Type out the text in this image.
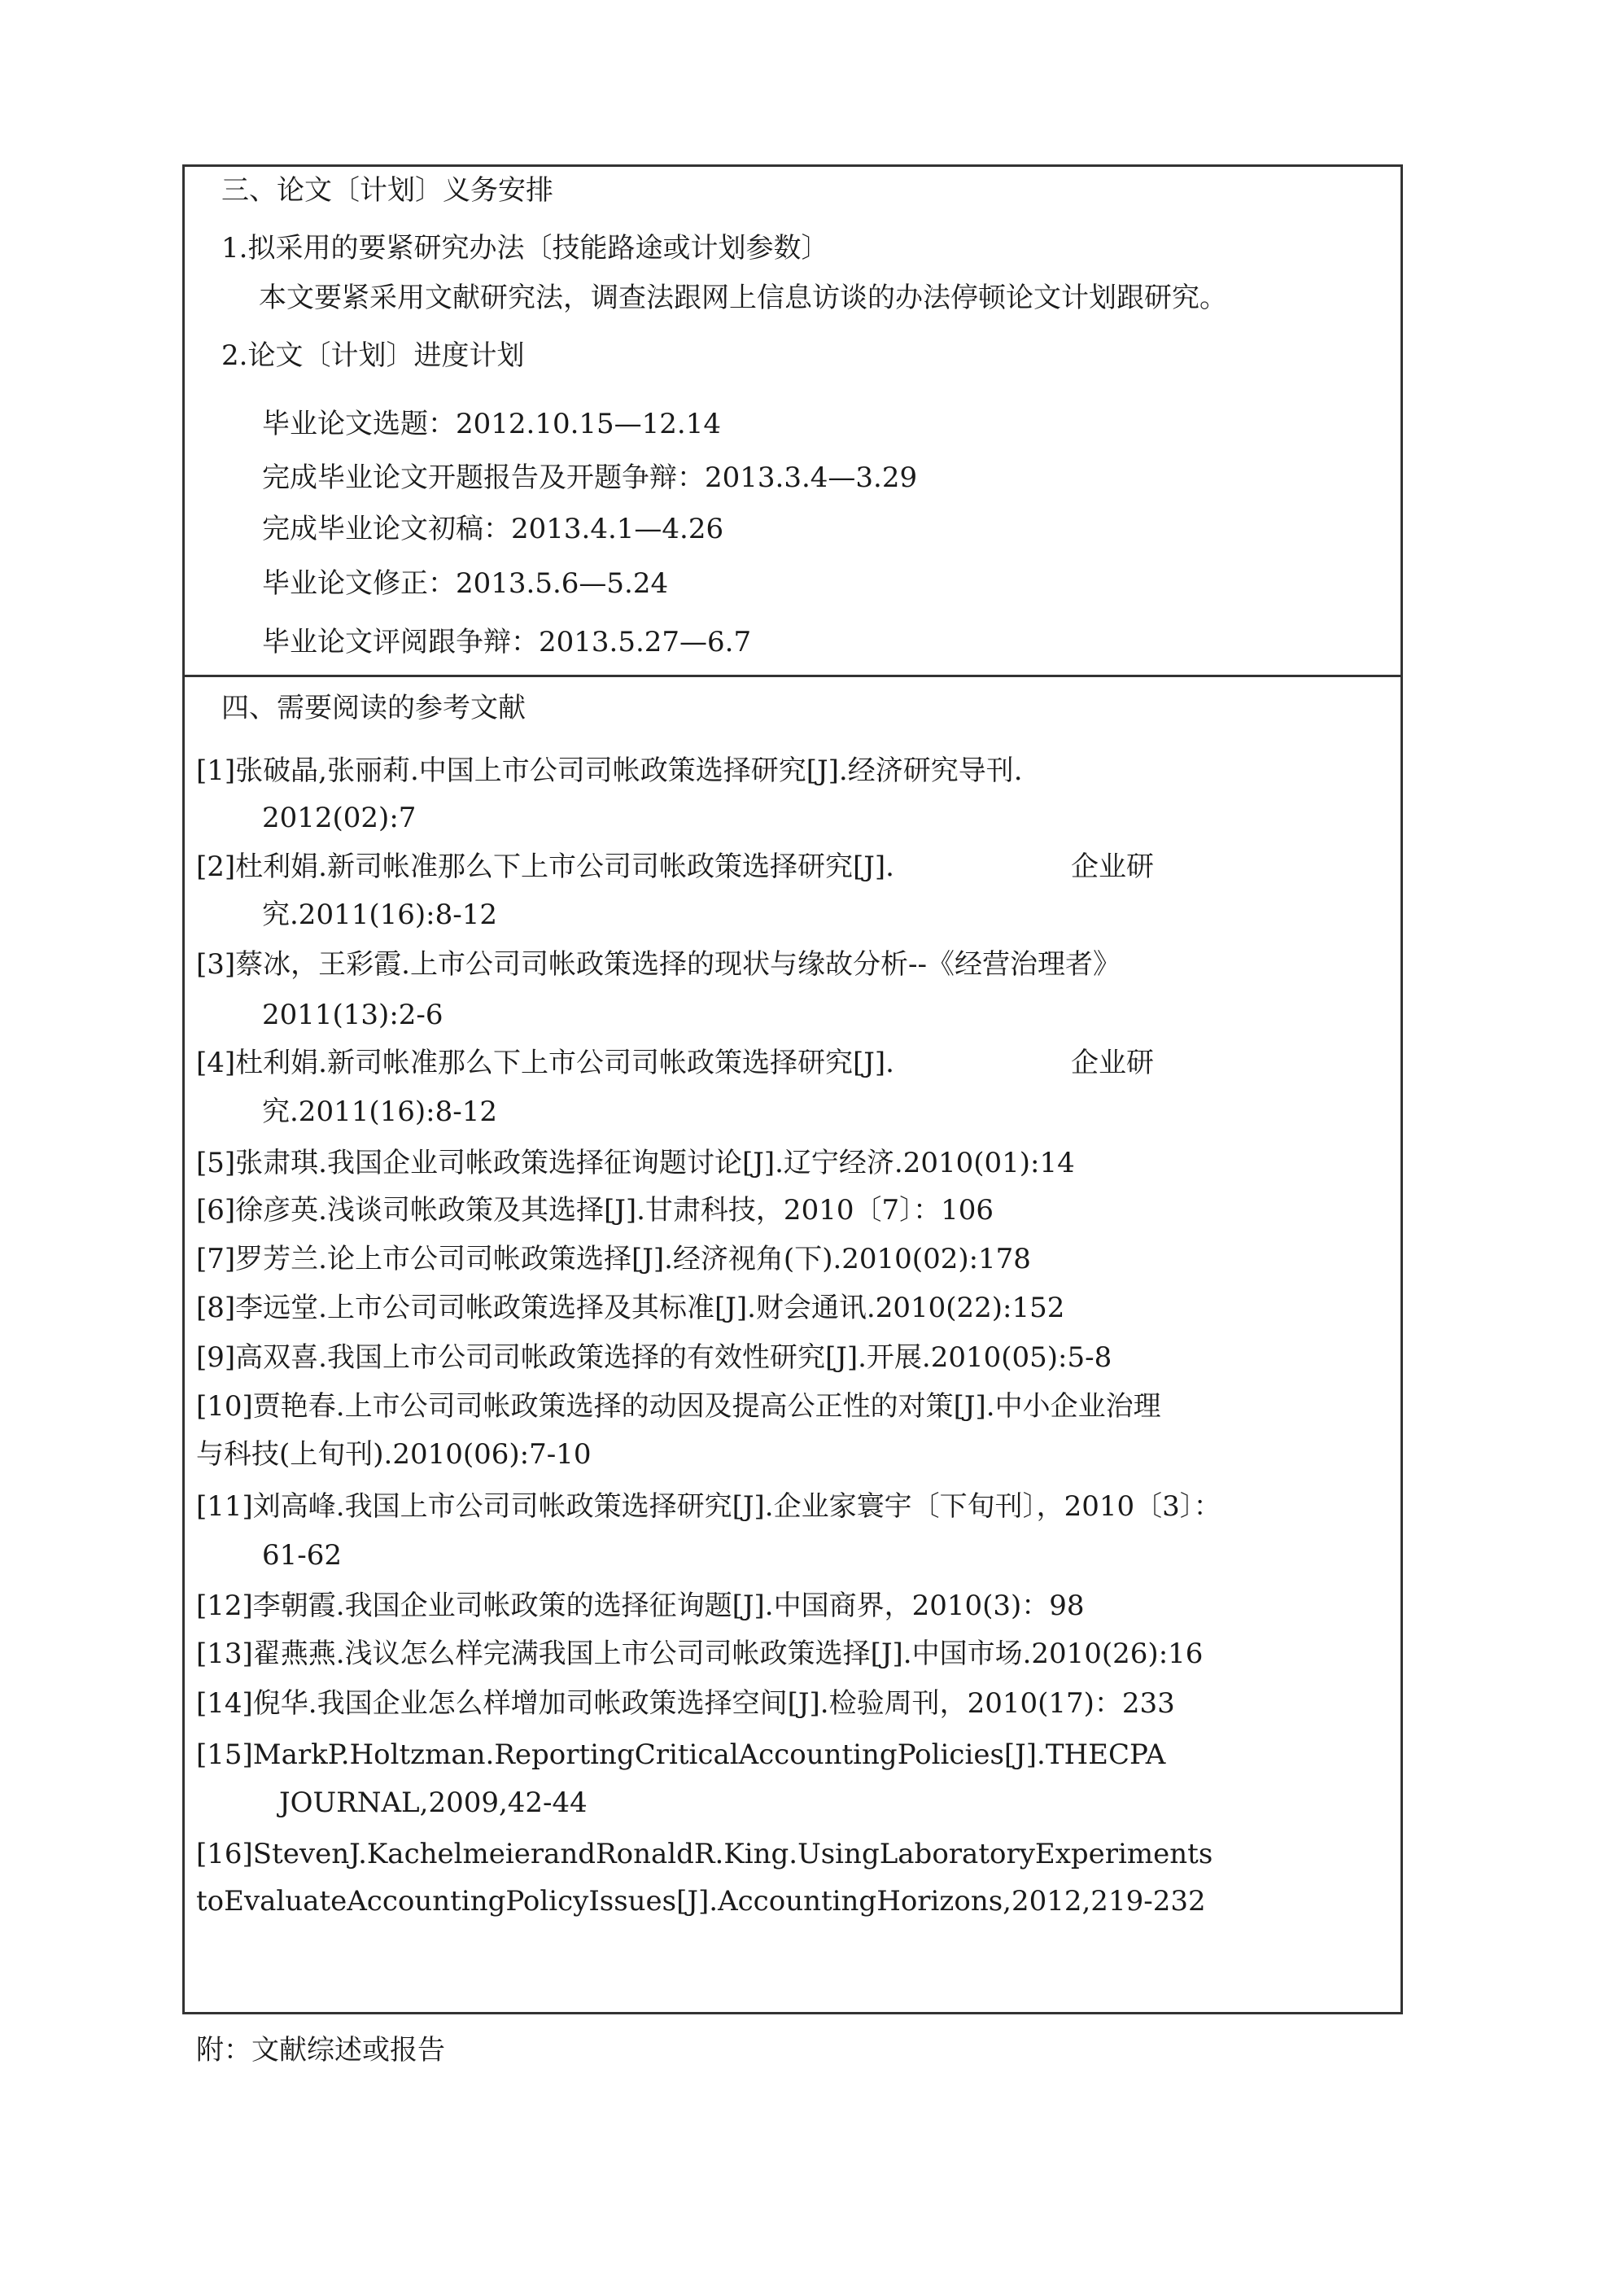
三、论文〔计划〕义务安排

1.拟采用的要紧研究办法〔技能路途或计划参数〕

本文要紧采用文献研究法，调查法跟网上信息访谈的办法停顿论文计划跟研究。

2.论文〔计划〕进度计划

毕业论文选题：2012.10.15—12.14

完成毕业论文开题报告及开题争辩：2013.3.4—3.29

完成毕业论文初稿：2013.4.1—4.26

毕业论文修正：2013.5.6—5.24

毕业论文评阅跟争辩：2013.5.27—6.7

四、需要阅读的参考文献

[1]张破晶,张丽莉.中国上市公司司帐政策选择研究[J].经济研究导刊.

2012(02):7

[2]杜利娟.新司帐准那么下上市公司司帐政策选择研究[J].	企业研

究.2011(16):8-12

[3]蔡冰，王彩霞.上市公司司帐政策选择的现状与缘故分析--《经营治理者》

2011(13):2-6

[4]杜利娟.新司帐准那么下上市公司司帐政策选择研究[J].	企业研

究.2011(16):8-12

[5]张肃琪.我国企业司帐政策选择征询题讨论[J].辽宁经济.2010(01):14

[6]徐彦英.浅谈司帐政策及其选择[J].甘肃科技，2010〔7〕：106

[7]罗芳兰.论上市公司司帐政策选择[J].经济视角(下).2010(02):178

[8]李远堂.上市公司司帐政策选择及其标准[J].财会通讯.2010(22):152

[9]高双喜.我国上市公司司帐政策选择的有效性研究[J].开展.2010(05):5-8

[10]贾艳春.上市公司司帐政策选择的动因及提高公正性的对策[J].中小企业治理

与科技(上旬刊).2010(06):7-10

[11]刘高峰.我国上市公司司帐政策选择研究[J].企业家寰宇〔下旬刊〕，2010〔3〕：

61-62

[12]李朝霞.我国企业司帐政策的选择征询题[J].中国商界，2010(3)：98

[13]翟燕燕.浅议怎么样完满我国上市公司司帐政策选择[J].中国市场.2010(26):16

[14]倪华.我国企业怎么样增加司帐政策选择空间[J].检验周刊，2010(17)：233

[15]MarkP.Holtzman.ReportingCriticalAccountingPolicies[J].THECPA

JOURNAL,2009,42-44

[16]StevenJ.KachelmeierandRonaldR.King.UsingLaboratoryExperiments

toEvaluateAccountingPolicyIssues[J].AccountingHorizons,2012,219-232

附：文献综述或报告
